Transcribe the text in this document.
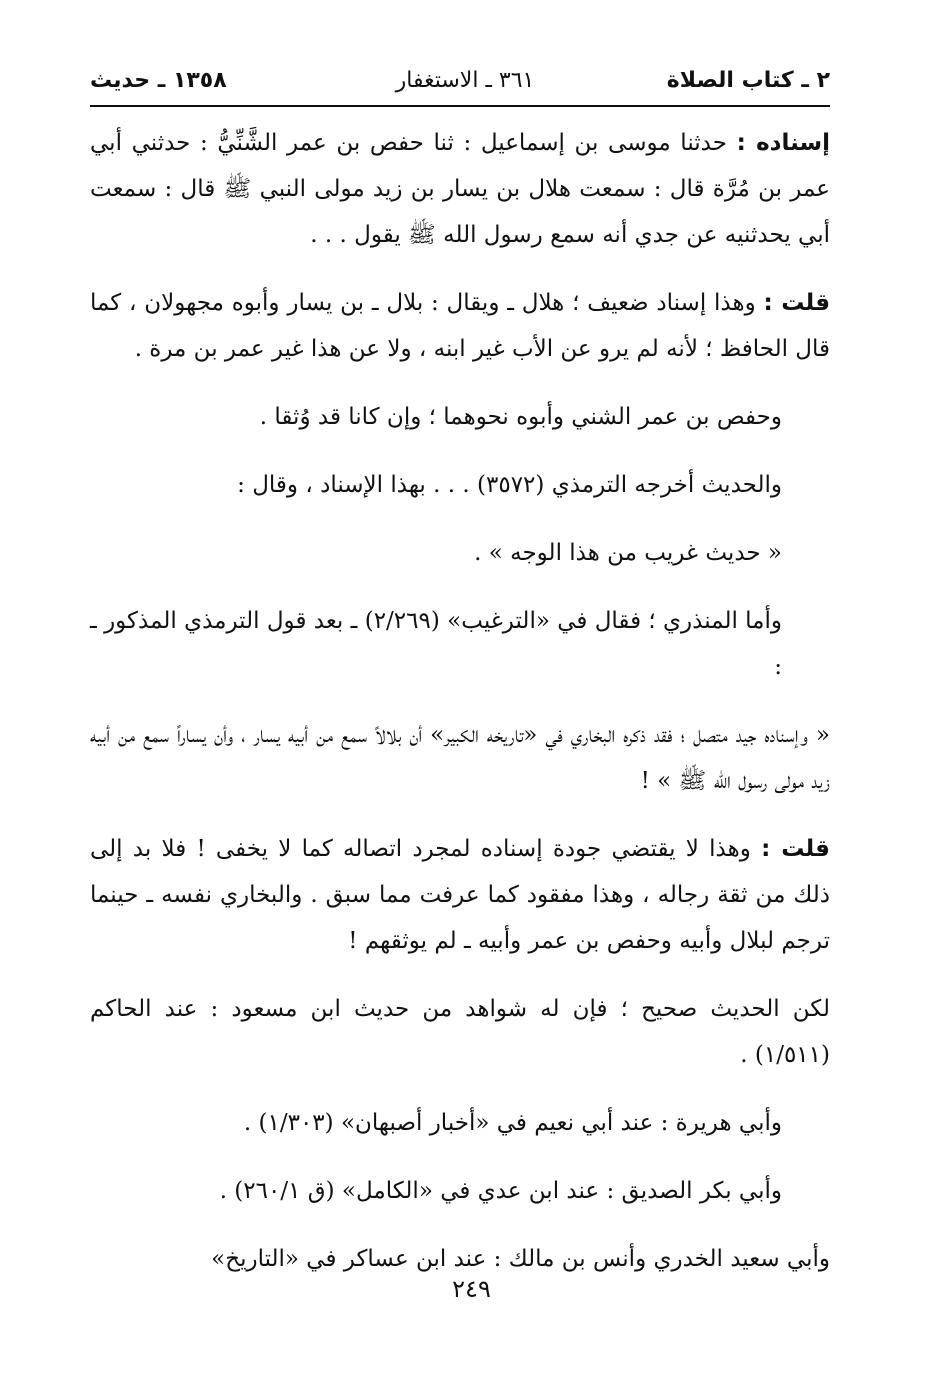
٢ ـ كتاب الصلاة
٣٦١ ـ الاستغفار
١٣٥٨ ـ حديث

إسناده : حدثنا موسى بن إسماعيل : ثنا حفص بن عمر الشَّنِّيُّ : حدثني أبي عمر بن مُرَّة قال : سمعت هلال بن يسار بن زيد مولى النبي ﷺ قال : سمعت أبي يحدثنيه عن جدي أنه سمع رسول الله ﷺ يقول . . .

قلت : وهذا إسناد ضعيف ؛ هلال ـ ويقال : بلال ـ بن يسار وأبوه مجهولان ، كما قال الحافظ ؛ لأنه لم يرو عن الأب غير ابنه ، ولا عن هذا غير عمر بن مرة .

وحفص بن عمر الشني وأبوه نحوهما ؛ وإن كانا قد وُثقا .

والحديث أخرجه الترمذي (٣٥٧٢) . . . بهذا الإسناد ، وقال :

« حديث غريب من هذا الوجه » .

وأما المنذري ؛ فقال في «الترغيب» (٢/٢٦٩) ـ بعد قول الترمذي المذكور ـ :

« وإسناده جيد متصل ؛ فقد ذكره البخاري في «تاريخه الكبير» أن بلالاً سمع من أبيه يسار ، وأن يساراً سمع من أبيه زيد مولى رسول الله ﷺ » !

قلت : وهذا لا يقتضي جودة إسناده لمجرد اتصاله كما لا يخفى ! فلا بد إلى ذلك من ثقة رجاله ، وهذا مفقود كما عرفت مما سبق . والبخاري نفسه ـ حينما ترجم لبلال وأبيه وحفص بن عمر وأبيه ـ لم يوثقهم !

لكن الحديث صحيح ؛ فإن له شواهد من حديث ابن مسعود : عند الحاكم (١/٥١١) .

وأبي هريرة : عند أبي نعيم في «أخبار أصبهان» (١/٣٠٣) .

وأبي بكر الصديق : عند ابن عدي في «الكامل» (ق ٢٦٠/١) .

وأبي سعيد الخدري وأنس بن مالك : عند ابن عساكر في «التاريخ»

٢٤٩
